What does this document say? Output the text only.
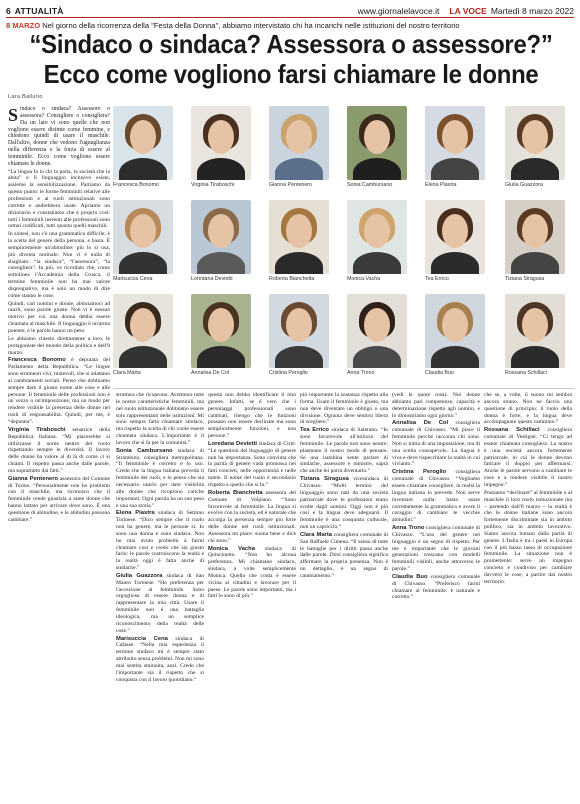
6 ATTUALITÀ	www.giornalelavoce.it LA VOCE Martedì 8 marzo 2022
8 MARZO Nel giorno della ricorrenza della "Festa della Donna", abbiamo intervistato chi ha incarichi nelle istituzioni del nostro territorio
“Sindaco o sindaca? Assessora o assessore?”
Ecco come vogliono farsi chiamare le donne
Lara Ballurio
S indaco o sindaca? Assessore o assessora? Consigliere o consigliera? Da un lato vi sono quelle che non vogliono essere distinte come femmine, e chiedono quindi di usare il maschile. Dall'altro, donne che vedono l'uguaglianza nella differenza e la forza di essere al femminile. Ecco come vogliono essere chiamate le donne.

“La lingua fa la chi la parla, la società che la abita” e il linguaggio inclusivo esiste, assieme la sensibilizzazione. Partiamo da questo punto: le forme femminili relative alle professioni e ai ruoli istituzionali sono corrette e andrebbero usate. Apriamo un dizionario e constatiamo che è proprio così: tutti i femminili inerenti alle professioni sono ormai codificati, tutti quanto quelli maschili.

In sintesi, non c'è una grammatica difficile; è la scelta del genere della persona, e basta. È semplicemente un'abitudine: più lo si usa, più diventa normale. Non vi è nulla di sbagliato: “la sindaca”, “l'assessora”, “la consigliera”. In più, va ricordato che, come sottolinea l'Accademia della Crusca, il termine femminile non ha mai valore dispregiativo, ma è solo un modo di dire come stanno le cose.

Quindi, cari uomini e donne, abituiamoci ad usarli, sono parole giuste. Non vi è nessun motivo per cui una donna debba essere chiamata al maschile. Il linguaggio è un'arma potente, e le parole hanno un peso.

Le abbiamo chiesto direttamente a loro, le protagoniste del mondo della politica e dell'8 marzo.

Francesca Bonomo è deputata del Parlamento della Repubblica. “Le lingue sono strumenti vivi, mutevoli, che si adattano ai cambiamenti sociali. Penso che dobbiamo sempre dare il giusto nome alle cose e alle persone. Il femminile delle professioni non è un vezzo o un'imposizione, ma un modo per rendere visibile la presenza delle donne nei ruoli di responsabilità. Quindi, per me, è “deputata”.

Virginia Tiraboschi senatrice della Repubblica Italiana. “Mi piacerebbe si utilizzasse il nome neutro del ruolo rispettando sempre le diversità. Il lavoro delle donne ha valore al di là di come ci si chiami. Il rispetto passa anche dalle parole, ma soprattutto dai fatti.”

Gianna Pentenero assessora del Comune di Torino. “Personalmente non ho problemi con il maschile, ma riconosco che il femminile rende giustizia a tante donne che hanno lottato per arrivare dove sono. È una questione di abitudine, e le abitudini possono cambiare.”

Francesca Bonomo	Virginia Tiraboschi	Gianna Pentenero	Sonia Cambursano	Elena Piastra	Giulia Guazzora
Marisuccia Cena	Loredana Devietti	Roberta Bianchetta	Monica Vacha	Tea Errico	Tiziana Siragusa
Clara Marta	Annalisa De Col	Cristina Peroglio	Anna Trono	Claudia Buo	Rossana Schillaci

struttura che ricoprono. Avremmo tutte le nostre caratteristiche femminili, ma nel ruolo istituzionale dobbiamo essere solo rappresentanti delle istituzioni. Mi sono sempre fatta chiamare sindaco, ma rispetto la scelta di chi vuole essere chiamata sindaca. L'importante è il lavoro che si fa per la comunità.”

Sonia Cambursano sindaca di Strambino, consigliera metropolitana. “Il femminile è corretto e lo uso. Credo che la lingua italiana preveda il femminile dei ruoli, e lo penso che sia necessario usarlo per dare visibilità alle donne che ricoprono cariche importanti. Ogni parola ha un suo peso e una sua storia.”

Elena Piastra sindaca di Settimo Torinese. “Dico sempre che il ruolo non ha genere, ma le persone sì. Io sono una donna e sono sindaca. Non ho mai avuto problemi a farmi chiamare così e credo che sia giusto farlo: le parole costruiscono la realtà e la realtà oggi è fatta anche di sindache.”

Giulia Guazzora sindaca di San Mauro Torinese. “Ho preferenza per l'accezione al femminile. Sono orgogliosa di essere donna e di rappresentare la mia città. Usare il femminile non è una battaglia ideologica, ma un semplice riconoscimento della realtà delle cose.”

Marisuccia Cena sindaca di Cafasse. “Nella mia esperienza il termine sindaco mi è sempre stato attribuito senza problemi. Non mi sono mai sentita sminuita, anzi. Credo che l'importante sia il rispetto che si conquista con il lavoro quotidiano.”

questa non debba identificare il mio genere. Infatti, se è vero che i personaggi professionali sono cambiati, ritengo che le funzioni possano non essere declinate ma sono semplicemente funzioni, e non persone.”

Loredana Devietti sindaca di Ciriè. “Le questioni del linguaggio di genere non ha importanza. Sono convinta che la parità di genere vada promossa nei fatti concreti, nelle opportunità e nelle tutele. Il nome del ruolo è secondario rispetto a quello che si fa.”

Roberta Bianchetta assessora del Comune di Volpiano. “Sono favorevole al femminile. La lingua si evolve con la società, ed è naturale che accolga la presenza sempre più forte delle donne nei ruoli istituzionali. Assessora mi piace: suona bene e dice chi sono.”

Monica Vacha sindaca di Quincinetto. “Non ho alcuna preferenza. Mi chiamano sindaco, sindaca, a volte semplicemente Monica. Quello che conta è essere vicina ai cittadini e lavorare per il paese. Le parole sono importanti, ma i fatti lo sono di più.”

più importante la sostanza rispetto alla forma. Usare il femminile è giusto, ma non deve diventare un obbligo o una divisione. Ognuna deve sentirsi libera di scegliere.”

Tea Errico sindaca di Salerano. “Io sono favorevole all'utilizzo del femminile. Le parole non sono neutre: plasmano il nostro modo di pensare. Se una bambina sente parlare di sindache, assessore e ministre, saprà che anche lei potrà diventarlo.”

Tiziana Siragusa vicesindaca di Chivasso. “Molti termini del linguaggio sono nati da una società patriarcale dove le professioni erano svolte dagli uomini. Oggi non è più così e la lingua deve adeguarsi. Il femminile è una conquista culturale, non un capriccio.”

Clara Marta consigliera comunale di San Raffaele Cimena. “Il senso di tutte le battaglie per i diritti passa anche dalle parole. Dirsi consigliera significa affermare la propria presenza. Non è un dettaglio, è un segno di cambiamento.”

(vedi le quote rosa). Noi donne abbiamo pari competenze, capacità e determinazione rispetto agli uomini, e lo dimostriamo ogni giorno.”

Annalisa De Col consigliera comunale di Chivasso. “Mi piace il femminile perché racconta chi sono. Non si tratta di una imposizione, ma di una scelta consapevole. La lingua è viva e deve rispecchiare la realtà in cui viviamo.”

Cristina Peroglio consigliera comunale di Chivasso. “Vogliamo essere chiamate consigliere, in realtà la lingua italiana lo prevede. Non serve inventare nulla: basta usare correttamente la grammatica e avere il coraggio di cambiare le vecchie abitudini.”

Anna Trono consigliera comunale di Chivasso. “L'uso del genere nel linguaggio è un segno di rispetto. Per me è importante che le giovani generazioni crescano con modelli femminili visibili, anche attraverso le parole.”

Claudia Buo consigliera comunale di Chivasso. “Preferisco farmi chiamare al femminile: è naturale e corretto.”

che se, a volte, il suono mi sembra ancora strano. Non ne faccio una questione di principio: il ruolo della donna è forte, e la lingua deve accompagnare questo cammino.”

Rossana Schillaci consigliera comunale di Vestignè. “Ci tengo ad essere chiamata consigliera. La nostra è una società ancora fortemente patriarcale, in cui le donne devono faticare il doppio per affermarsi. Anche le parole servono a cambiare le cose e a rendere visibile il nostro impegno.”

Possiamo “declinare” al femminile o al maschile il loro ruolo istituzionale ma – partendo dall'8 marzo – la realtà è che le donne italiane sono ancora fortemente discriminate sia in ambito politico, sia in ambito lavorativo. Siamo ancora lontani dalla parità di genere. L'Italia è tra i paesi in Europa con il più basso tasso di occupazione femminile. La situazione non è promettente: serve un impegno concreto e condiviso per cambiare davvero le cose, a partire dal nostro territorio.
